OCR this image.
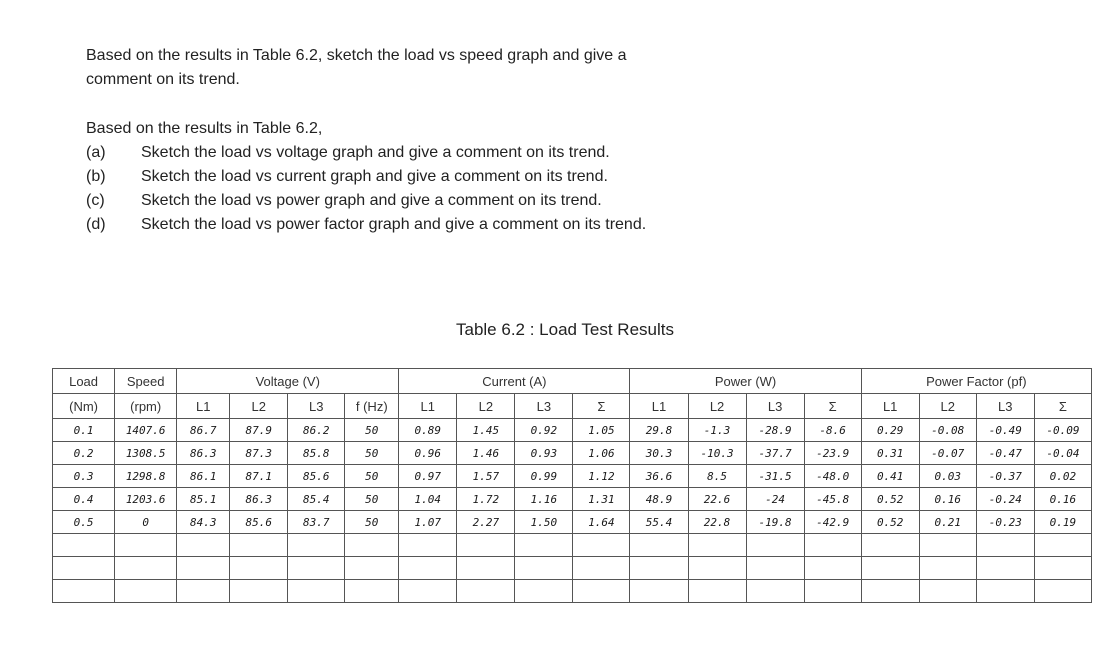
Based on the results in Table 6.2, sketch the load vs speed graph and give a
comment on its trend.
Based on the results in Table 6.2,
(a)	Sketch the load vs voltage graph and give a comment on its trend.
(b)	Sketch the load vs current graph and give a comment on its trend.
(c)	Sketch the load vs power graph and give a comment on its trend.
(d)	Sketch the load vs power factor graph and give a comment on its trend.
Table 6.2 : Load Test Results
Load	Speed	Voltage (V)				Current (A)				Power (W)				Power Factor (pf)			
(Nm)	(rpm)	L1	L2	L3	f (Hz)	L1	L2	L3	Σ	L1	L2	L3	Σ	L1	L2	L3	Σ
0.1	1407.6	86.7	87.9	86.2	50	0.89	1.45	0.92	1.05	29.8	-1.3	-28.9	-8.6	0.29	-0.08	-0.49	-0.09
0.2	1308.5	86.3	87.3	85.8	50	0.96	1.46	0.93	1.06	30.3	-10.3	-37.7	-23.9	0.31	-0.07	-0.47	-0.04
0.3	1298.8	86.1	87.1	85.6	50	0.97	1.57	0.99	1.12	36.6	8.5	-31.5	-48.0	0.41	0.03	-0.37	0.02
0.4	1203.6	85.1	86.3	85.4	50	1.04	1.72	1.16	1.31	48.9	22.6	-24	-45.8	0.52	0.16	-0.24	0.16
0.5	0	84.3	85.6	83.7	50	1.07	2.27	1.50	1.64	55.4	22.8	-19.8	-42.9	0.52	0.21	-0.23	0.19
